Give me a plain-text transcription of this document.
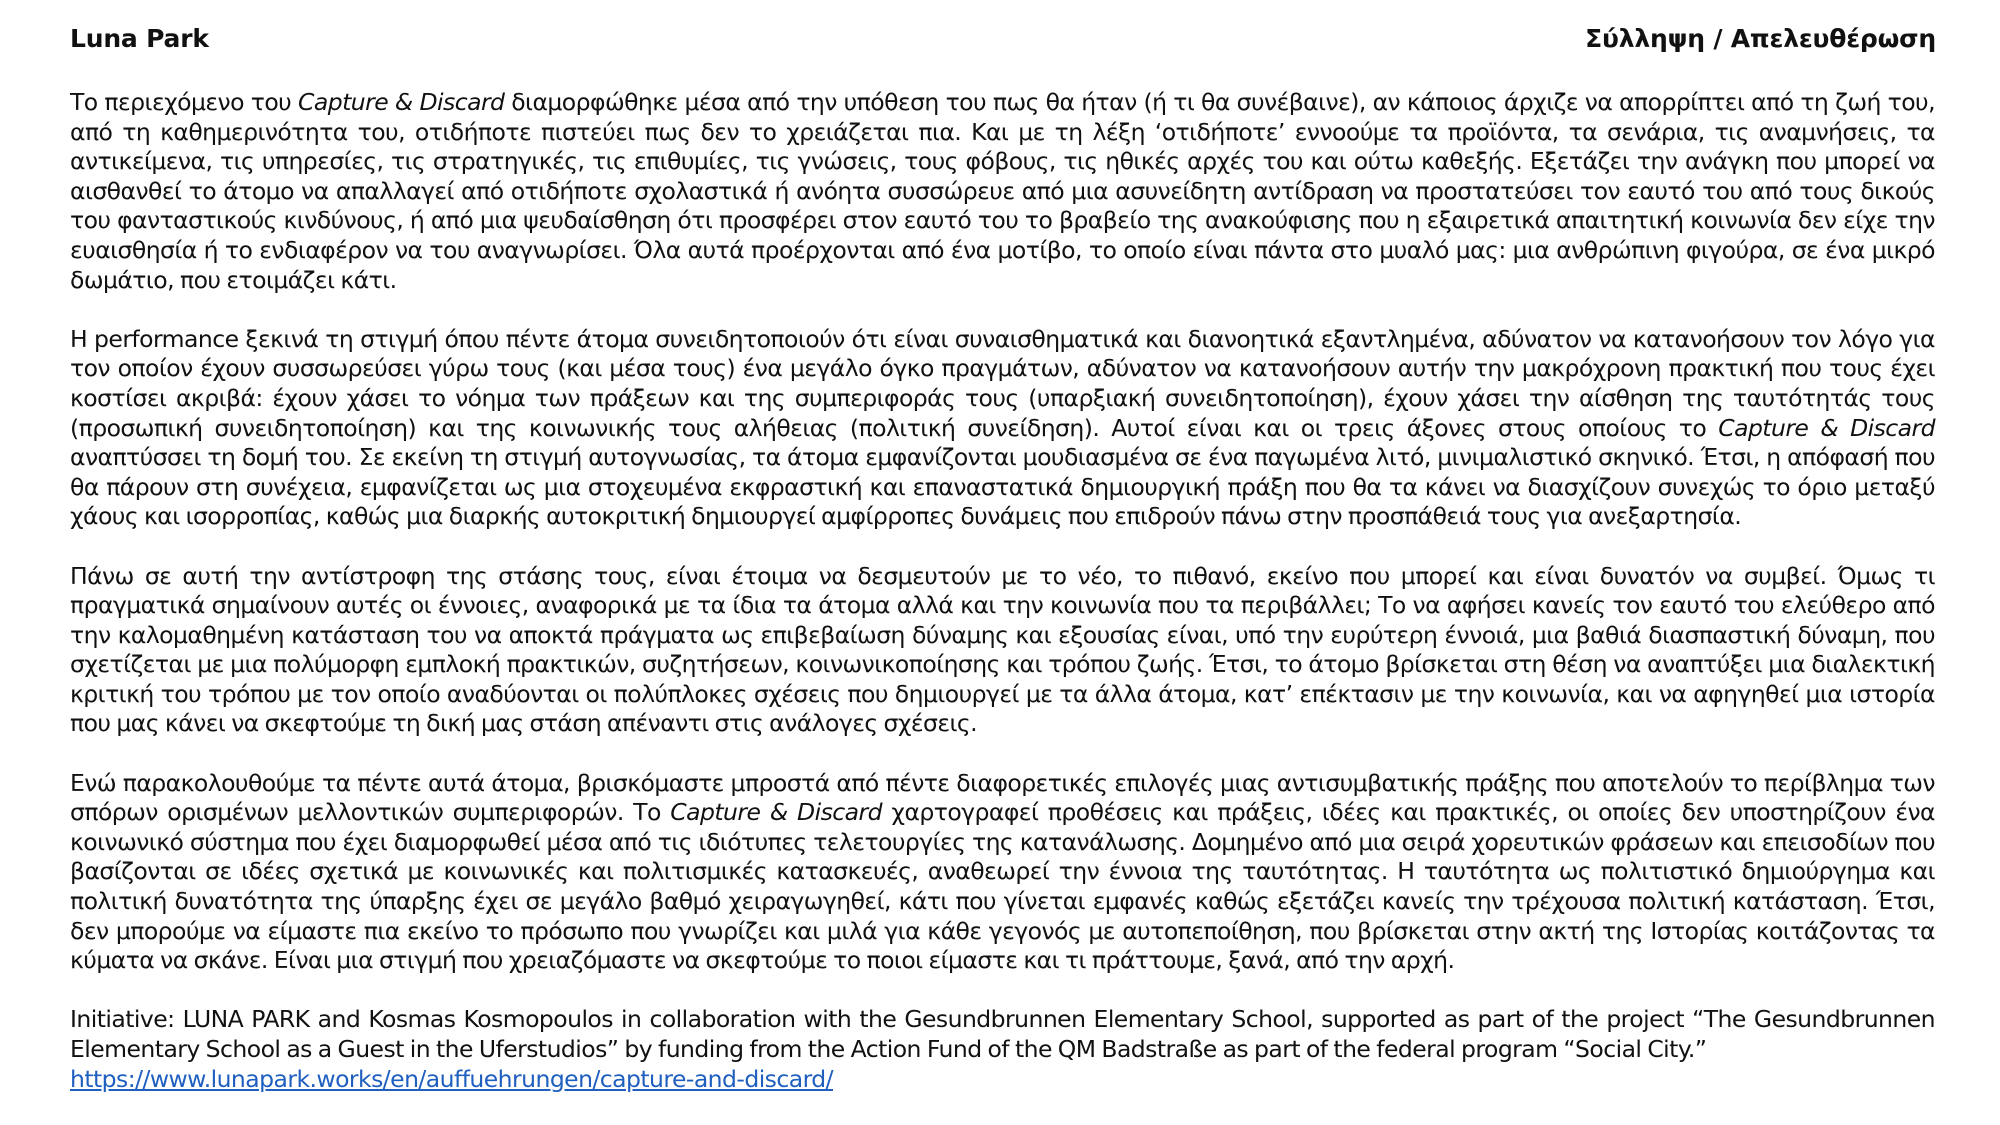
Luna Park	Σύλληψη / Απελευθέρωση

Το περιεχόμενο του Capture & Discard διαμορφώθηκε μέσα από την υπόθεση του πως θα ήταν (ή τι θα συνέβαινε), αν κάποιος άρχιζε να απορρίπτει από τη ζωή του, από τη καθημερινότητα του, οτιδήποτε πιστεύει πως δεν το χρειάζεται πια. Και με τη λέξη ‘οτιδήποτε’ εννοούμε τα προϊόντα, τα σενάρια, τις αναμνήσεις, τα αντικείμενα, τις υπηρεσίες, τις στρατηγικές, τις επιθυμίες, τις γνώσεις, τους φόβους, τις ηθικές αρχές του και ούτω καθεξής. Εξετάζει την ανάγκη που μπορεί να αισθανθεί το άτομο να απαλλαγεί από οτιδήποτε σχολαστικά ή ανόητα συσσώρευε από μια ασυνείδητη αντίδραση να προστατεύσει τον εαυτό του από τους δικούς του φανταστικούς κινδύνους, ή από μια ψευδαίσθηση ότι προσφέρει στον εαυτό του το βραβείο της ανακούφισης που η εξαιρετικά απαιτητική κοινωνία δεν είχε την ευαισθησία ή το ενδιαφέρον να του αναγνωρίσει. Όλα αυτά προέρχονται από ένα μοτίβο, το οποίο είναι πάντα στο μυαλό μας: μια ανθρώπινη φιγούρα, σε ένα μικρό δωμάτιο, που ετοιμάζει κάτι.

Η performance ξεκινά τη στιγμή όπου πέντε άτομα συνειδητοποιούν ότι είναι συναισθηματικά και διανοητικά εξαντλημένα, αδύνατον να κατανοήσουν τον λόγο για τον οποίον έχουν συσσωρεύσει γύρω τους (και μέσα τους) ένα μεγάλο όγκο πραγμάτων, αδύνατον να κατανοήσουν αυτήν την μακρόχρονη πρακτική που τους έχει κοστίσει ακριβά: έχουν χάσει το νόημα των πράξεων και της συμπεριφοράς τους (υπαρξιακή συνειδητοποίηση), έχουν χάσει την αίσθηση της ταυτότητάς τους (προσωπική συνειδητοποίηση) και της κοινωνικής τους αλήθειας (πολιτική συνείδηση). Αυτοί είναι και οι τρεις άξονες στους οποίους το Capture & Discard αναπτύσσει τη δομή του. Σε εκείνη τη στιγμή αυτογνωσίας, τα άτομα εμφανίζονται μουδιασμένα σε ένα παγωμένα λιτό, μινιμαλιστικό σκηνικό. Έτσι, η απόφασή που θα πάρουν στη συνέχεια, εμφανίζεται ως μια στοχευμένα εκφραστική και επαναστατικά δημιουργική πράξη που θα τα κάνει να διασχίζουν συνεχώς το όριο μεταξύ χάους και ισορροπίας, καθώς μια διαρκής αυτοκριτική δημιουργεί αμφίρροπες δυνάμεις που επιδρούν πάνω στην προσπάθειά τους για ανεξαρτησία.

Πάνω σε αυτή την αντίστροφη της στάσης τους, είναι έτοιμα να δεσμευτούν με το νέο, το πιθανό, εκείνο που μπορεί και είναι δυνατόν να συμβεί. Όμως τι πραγματικά σημαίνουν αυτές οι έννοιες, αναφορικά με τα ίδια τα άτομα αλλά και την κοινωνία που τα περιβάλλει; Το να αφήσει κανείς τον εαυτό του ελεύθερο από την καλομαθημένη κατάσταση του να αποκτά πράγματα ως επιβεβαίωση δύναμης και εξουσίας είναι, υπό την ευρύτερη έννοιά, μια βαθιά διασπαστική δύναμη, που σχετίζεται με μια πολύμορφη εμπλοκή πρακτικών, συζητήσεων, κοινωνικοποίησης και τρόπου ζωής. Έτσι, το άτομο βρίσκεται στη θέση να αναπτύξει μια διαλεκτική κριτική του τρόπου με τον οποίο αναδύονται οι πολύπλοκες σχέσεις που δημιουργεί με τα άλλα άτομα, κατ’ επέκτασιν με την κοινωνία, και να αφηγηθεί μια ιστορία που μας κάνει να σκεφτούμε τη δική μας στάση απέναντι στις ανάλογες σχέσεις.

Ενώ παρακολουθούμε τα πέντε αυτά άτομα, βρισκόμαστε μπροστά από πέντε διαφορετικές επιλογές μιας αντισυμβατικής πράξης που αποτελούν το περίβλημα των σπόρων ορισμένων μελλοντικών συμπεριφορών. Το Capture & Discard χαρτογραφεί προθέσεις και πράξεις, ιδέες και πρακτικές, οι οποίες δεν υποστηρίζουν ένα κοινωνικό σύστημα που έχει διαμορφωθεί μέσα από τις ιδιότυπες τελετουργίες της κατανάλωσης. Δομημένο από μια σειρά χορευτικών φράσεων και επεισοδίων που βασίζονται σε ιδέες σχετικά με κοινωνικές και πολιτισμικές κατασκευές, αναθεωρεί την έννοια της ταυτότητας. Η ταυτότητα ως πολιτιστικό δημιούργημα και πολιτική δυνατότητα της ύπαρξης έχει σε μεγάλο βαθμό χειραγωγηθεί, κάτι που γίνεται εμφανές καθώς εξετάζει κανείς την τρέχουσα πολιτική κατάσταση. Έτσι, δεν μπορούμε να είμαστε πια εκείνο το πρόσωπο που γνωρίζει και μιλά για κάθε γεγονός με αυτοπεποίθηση, που βρίσκεται στην ακτή της Ιστορίας κοιτάζοντας τα κύματα να σκάνε. Είναι μια στιγμή που χρειαζόμαστε να σκεφτούμε το ποιοι είμαστε και τι πράττουμε, ξανά, από την αρχή.

Initiative: LUNA PARK and Kosmas Kosmopoulos in collaboration with the Gesundbrunnen Elementary School, supported as part of the project “The Gesundbrunnen Elementary School as a Guest in the Uferstudios” by funding from the Action Fund of the QM Badstraße as part of the federal program “Social City.”
https://www.lunapark.works/en/auffuehrungen/capture-and-discard/
